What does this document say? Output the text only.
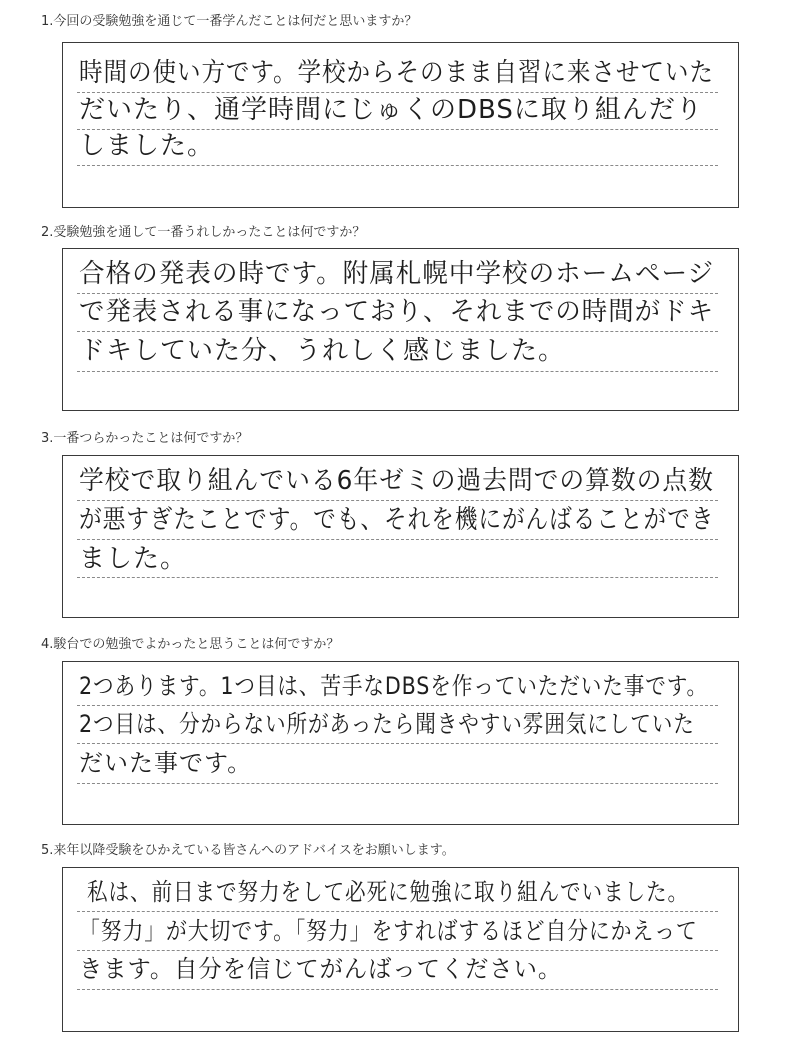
1.今回の受験勉強を通じて一番学んだことは何だと思いますか？
時間の使い方です。学校からそのまま自習に来させていた
だいたり、通学時間にじゅくのDBSに取り組んだり
しました。
2.受験勉強を通して一番うれしかったことは何ですか？
合格の発表の時です。附属札幌中学校のホームページ
で発表される事になっており、それまでの時間がドキ
ドキしていた分、うれしく感じました。
3.一番つらかったことは何ですか？
学校で取り組んでいる6年ゼミの過去問での算数の点数
が悪すぎたことです。でも、それを機にがんばることができ
ました。
4.駿台での勉強でよかったと思うことは何ですか？
2つあります。1つ目は、苦手なDBSを作っていただいた事です。
2つ目は、分からない所があったら聞きやすい雰囲気にしていた
だいた事です。
5.来年以降受験をひかえている皆さんへのアドバイスをお願いします。
私は、前日まで努力をして必死に勉強に取り組んでいました。
「努力」が大切です。「努力」をすればするほど自分にかえって
きます。自分を信じてがんばってください。
